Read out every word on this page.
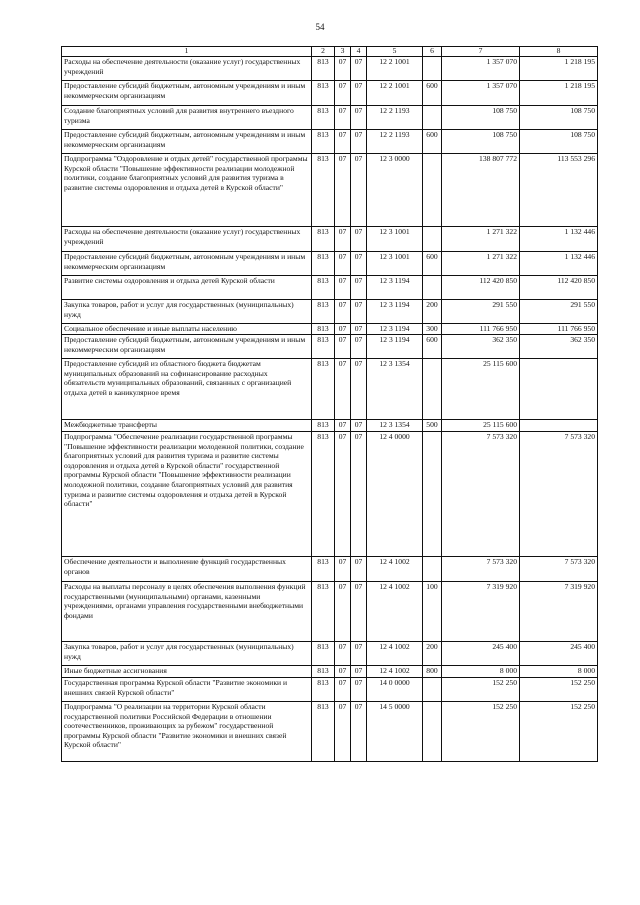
54
1	2	3	4	5	6	7	8
Расходы на обеспечение деятельности (оказание услуг) государственных учреждений	813	07	07	12 2 1001		1 357 070	1 218 195
Предоставление субсидий бюджетным, автономным учреждениям и иным некоммерческим организациям	813	07	07	12 2 1001	600	1 357 070	1 218 195
Создание благоприятных условий для развития внутреннего въездного туризма	813	07	07	12 2 1193		108 750	108 750
Предоставление субсидий бюджетным, автономным учреждениям и иным некоммерческим организациям	813	07	07	12 2 1193	600	108 750	108 750
Подпрограмма "Оздоровление и отдых детей" государственной программы Курской области "Повышение эффективности реализации молодежной политики, создание благоприятных условий для развития туризма в развитие системы оздоровления и отдыха детей в Курской области"	813	07	07	12 3 0000		138 807 772	113 553 296
Расходы на обеспечение деятельности (оказание услуг) государственных учреждений	813	07	07	12 3 1001		1 271 322	1 132 446
Предоставление субсидий бюджетным, автономным учреждениям и иным некоммерческим организациям	813	07	07	12 3 1001	600	1 271 322	1 132 446
Развитие системы оздоровления и отдыха детей Курской области	813	07	07	12 3 1194		112 420 850	112 420 850
Закупка товаров, работ и услуг для государственных (муниципальных) нужд	813	07	07	12 3 1194	200	291 550	291 550
Социальное обеспечение и иные выплаты населению	813	07	07	12 3 1194	300	111 766 950	111 766 950
Предоставление субсидий бюджетным, автономным учреждениям и иным некоммерческим организациям	813	07	07	12 3 1194	600	362 350	362 350
Предоставление субсидий из областного бюджета бюджетам муниципальных образований на софинансирование расходных обязательств муниципальных образований, связанных с организацией отдыха детей в каникулярное время	813	07	07	12 3 1354		25 115 600	
Межбюджетные трансферты	813	07	07	12 3 1354	500	25 115 600	
Подпрограмма "Обеспечение реализации государственной программы "Повышение эффективности реализации молодежной политики, создание благоприятных условий для развития туризма и развитие системы оздоровления и отдыха детей в Курской области" государственной программы Курской области "Повышение эффективности реализации молодежной политики, создание благоприятных условий для развития туризма и развитие системы оздоровления и отдыха детей в Курской области"	813	07	07	12 4 0000		7 573 320	7 573 320
Обеспечение деятельности и выполнение функций государственных органов	813	07	07	12 4 1002		7 573 320	7 573 320
Расходы на выплаты персоналу в целях обеспечения выполнения функций государственными (муниципальными) органами, казенными учреждениями, органами управления государственными внебюджетными фондами	813	07	07	12 4 1002	100	7 319 920	7 319 920
Закупка товаров, работ и услуг для государственных (муниципальных) нужд	813	07	07	12 4 1002	200	245 400	245 400
Иные бюджетные ассигнования	813	07	07	12 4 1002	800	8 000	8 000
Государственная программа Курской области "Развитие экономики и внешних связей Курской области"	813	07	07	14 0 0000		152 250	152 250
Подпрограмма "О реализации на территории Курской области государственной политики Российской Федерации в отношении соотечественников, проживающих за рубежом" государственной программы Курской области "Развитие экономики и внешних связей Курской области"	813	07	07	14 5 0000		152 250	152 250
